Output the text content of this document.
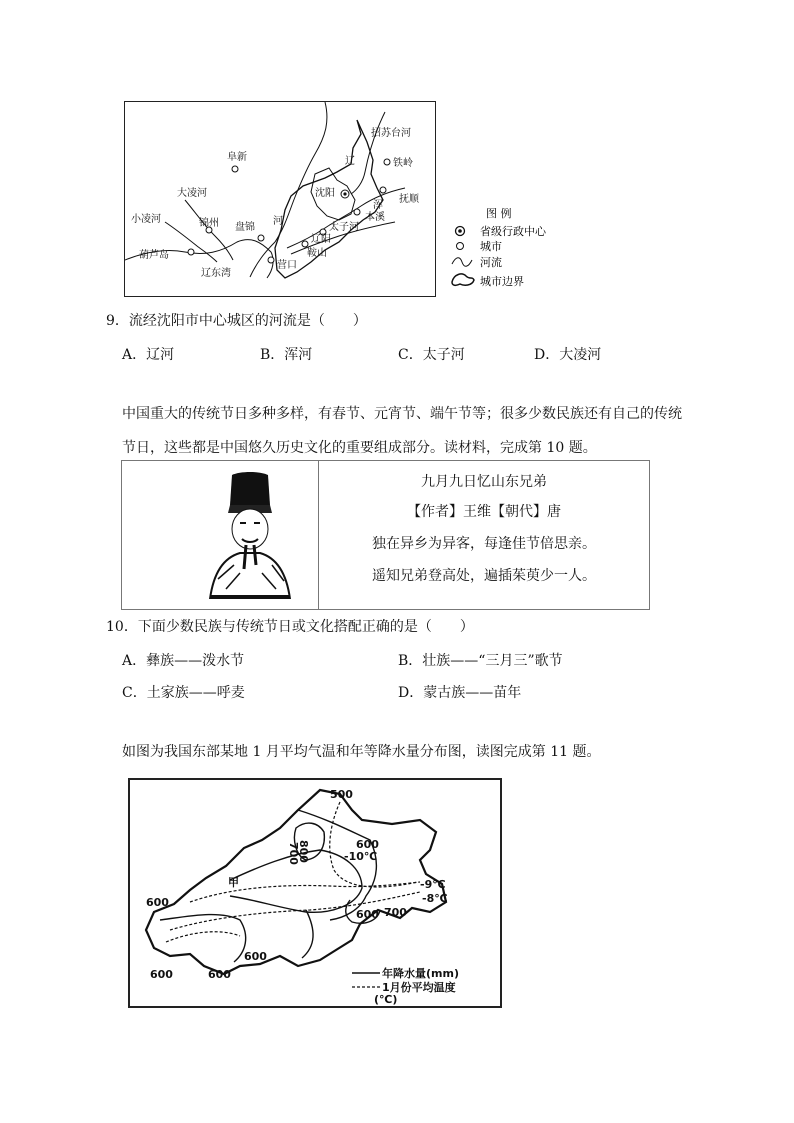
招苏台河
阜新	辽	铁岭
大凌河	沈阳
抚顺
浑
本溪
小凌河	锦州 盘锦
河
太子河
辽阳
葫芦岛	鞍山
营口
辽东湾
图 例
省级行政中心
城市
河流
城市边界
9．流经沈阳市中心城区的河流是（　　）
A．辽河	B．浑河	C．太子河	D．大凌河
中国重大的传统节日多种多样，有春节、元宵节、端午节等；很多少数民族还有自己的传统
节日，这些都是中国悠久历史文化的重要组成部分。读材料，完成第 10 题。
九月九日忆山东兄弟
【作者】王维【朝代】唐
独在异乡为异客，每逢佳节倍思亲。
遥知兄弟登高处，遍插茱萸少一人。
10．下面少数民族与传统节日或文化搭配正确的是（　　）
A．彝族——泼水节	B．壮族——“三月三”歌节
C．土家族——呼麦	D．蒙古族——苗年
如图为我国东部某地 1 月平均气温和年等降水量分布图，读图完成第 11 题。
500
600
-10℃
800
700
-9℃
-8℃
甲
600
600 700
600
600	600	年降水量(mm)
1月份平均温度
(℃)
